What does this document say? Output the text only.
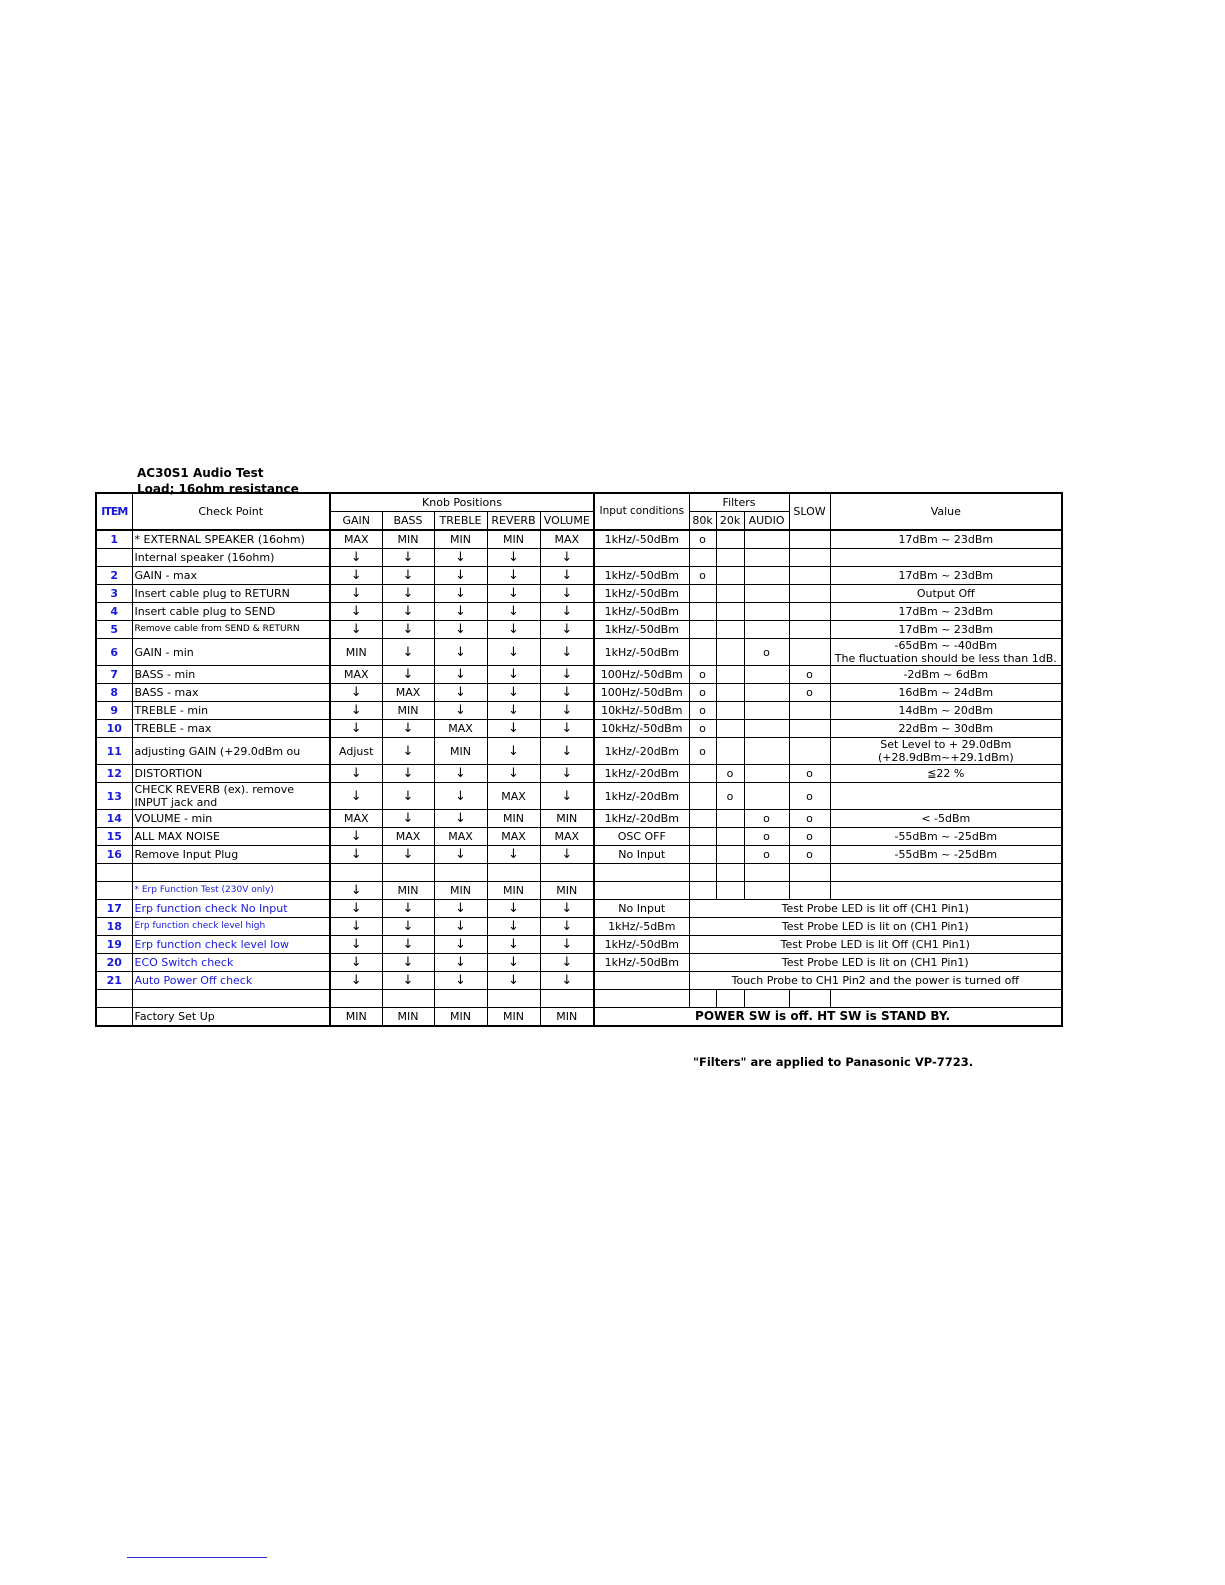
AC30S1 Audio Test
Load; 16ohm resistance
ITEM	Check Point	Knob Positions					Input conditions	Filters			SLOW	Value
		GAIN	BASS	TREBLE	REVERB	VOLUME		80k	20k	AUDIO		
1	* EXTERNAL SPEAKER (16ohm)	MAX	MIN	MIN	MIN	MAX	1kHz/-50dBm	o				17dBm ~ 23dBm

	Internal speaker (16ohm)	↓	↓	↓	↓	↓						

2	GAIN - max	↓	↓	↓	↓	↓	1kHz/-50dBm	o				17dBm ~ 23dBm

3	Insert cable plug to RETURN	↓	↓	↓	↓	↓	1kHz/-50dBm					Output Off

4	Insert cable plug to SEND	↓	↓	↓	↓	↓	1kHz/-50dBm					17dBm ~ 23dBm

5	Remove cable from SEND & RETURN	↓	↓	↓	↓	↓	1kHz/-50dBm					17dBm ~ 23dBm

6	GAIN - min	MIN	↓	↓	↓	↓	1kHz/-50dBm			o		-65dBm ~ -40dBm
The fluctuation should be less than 1dB.

7	BASS - min	MAX	↓	↓	↓	↓	100Hz/-50dBm	o			o	-2dBm ~ 6dBm

8	BASS - max	↓	MAX	↓	↓	↓	100Hz/-50dBm	o			o	16dBm ~ 24dBm

9	TREBLE - min	↓	MIN	↓	↓	↓	10kHz/-50dBm	o				14dBm ~ 20dBm

10	TREBLE - max	↓	↓	MAX	↓	↓	10kHz/-50dBm	o				22dBm ~ 30dBm

11	adjusting GAIN (+29.0dBm ou	Adjust	↓	MIN	↓	↓	1kHz/-20dBm	o				Set Level to + 29.0dBm
(+28.9dBm~+29.1dBm)

12	DISTORTION	↓	↓	↓	↓	↓	1kHz/-20dBm		o		o	≦22 %

13	CHECK REVERB (ex). remove INPUT jack and	↓	↓	↓	MAX	↓	1kHz/-20dBm		o		o	

14	VOLUME - min	MAX	↓	↓	MIN	MIN	1kHz/-20dBm			o	o	< -5dBm

15	ALL MAX NOISE	↓	MAX	MAX	MAX	MAX	OSC OFF			o	o	-55dBm ~ -25dBm

16	Remove Input Plug	↓	↓	↓	↓	↓	No Input			o	o	-55dBm ~ -25dBm

	* Erp Function Test (230V only)	↓	MIN	MIN	MIN	MIN						
17	Erp function check No Input	↓	↓	↓	↓	↓	No Input	Test Probe LED is lit off (CH1 Pin1)				
18	Erp function check level high	↓	↓	↓	↓	↓	1kHz/-5dBm	Test Probe LED is lit on (CH1 Pin1)				
19	Erp function check level low	↓	↓	↓	↓	↓	1kHz/-50dBm	Test Probe LED is lit Off (CH1 Pin1)				
20	ECO Switch check	↓	↓	↓	↓	↓	1kHz/-50dBm	Test Probe LED is lit on (CH1 Pin1)				
21	Auto Power Off check	↓	↓	↓	↓	↓		Touch Probe to CH1 Pin2 and the power is turned off				

	Factory Set Up	MIN	MIN	MIN	MIN	MIN	POWER SW is off. HT SW is STAND BY.					
"Filters" are applied to Panasonic VP-7723.
